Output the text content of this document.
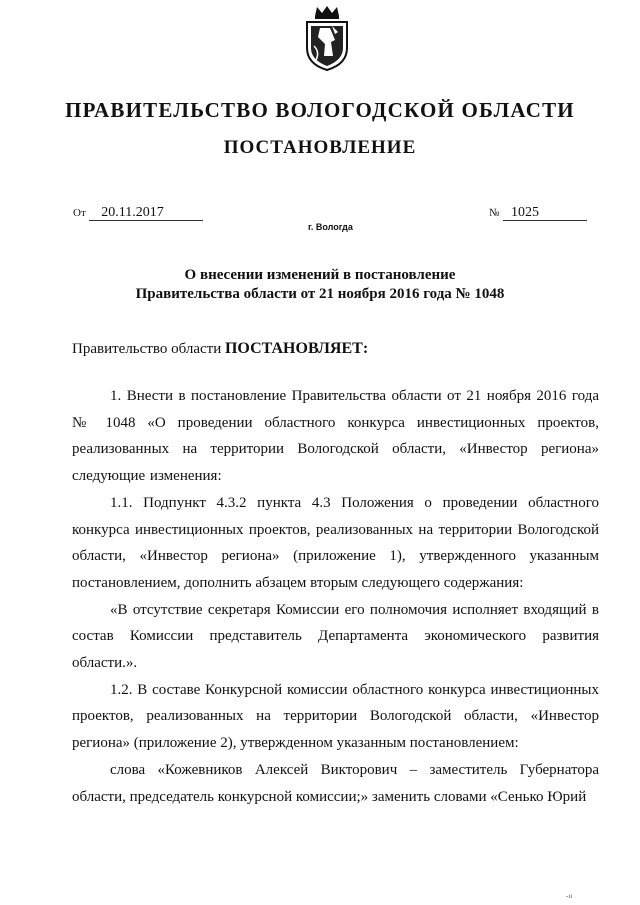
ПРАВИТЕЛЬСТВО ВОЛОГОДСКОЙ ОБЛАСТИ
ПОСТАНОВЛЕНИЕ
От 20.11.2017	№ 1025
г. Вологда
О внесении изменений в постановление
Правительства области от 21 ноября 2016 года № 1048
Правительство области ПОСТАНОВЛЯЕТ:

1. Внести в постановление Правительства области от 21 ноября 2016 года № 1048 «О проведении областного конкурса инвестиционных проектов, реализованных на территории Вологодской области, «Инвестор региона» следующие изменения:

1.1. Подпункт 4.3.2 пункта 4.3 Положения о проведении областного конкурса инвестиционных проектов, реализованных на территории Вологодской области, «Инвестор региона» (приложение 1), утвержденного указанным постановлением, дополнить абзацем вторым следующего содержания:

«В отсутствие секретаря Комиссии его полномочия исполняет входящий в состав Комиссии представитель Департамента экономического развития области.».

1.2. В составе Конкурсной комиссии областного конкурса инвестиционных проектов, реализованных на территории Вологодской области, «Инвестор региона» (приложение 2), утвержденном указанным постановлением:

слова «Кожевников Алексей Викторович – заместитель Губернатора области, председатель конкурсной комиссии;» заменить словами «Сенько Юрий

-ıı
